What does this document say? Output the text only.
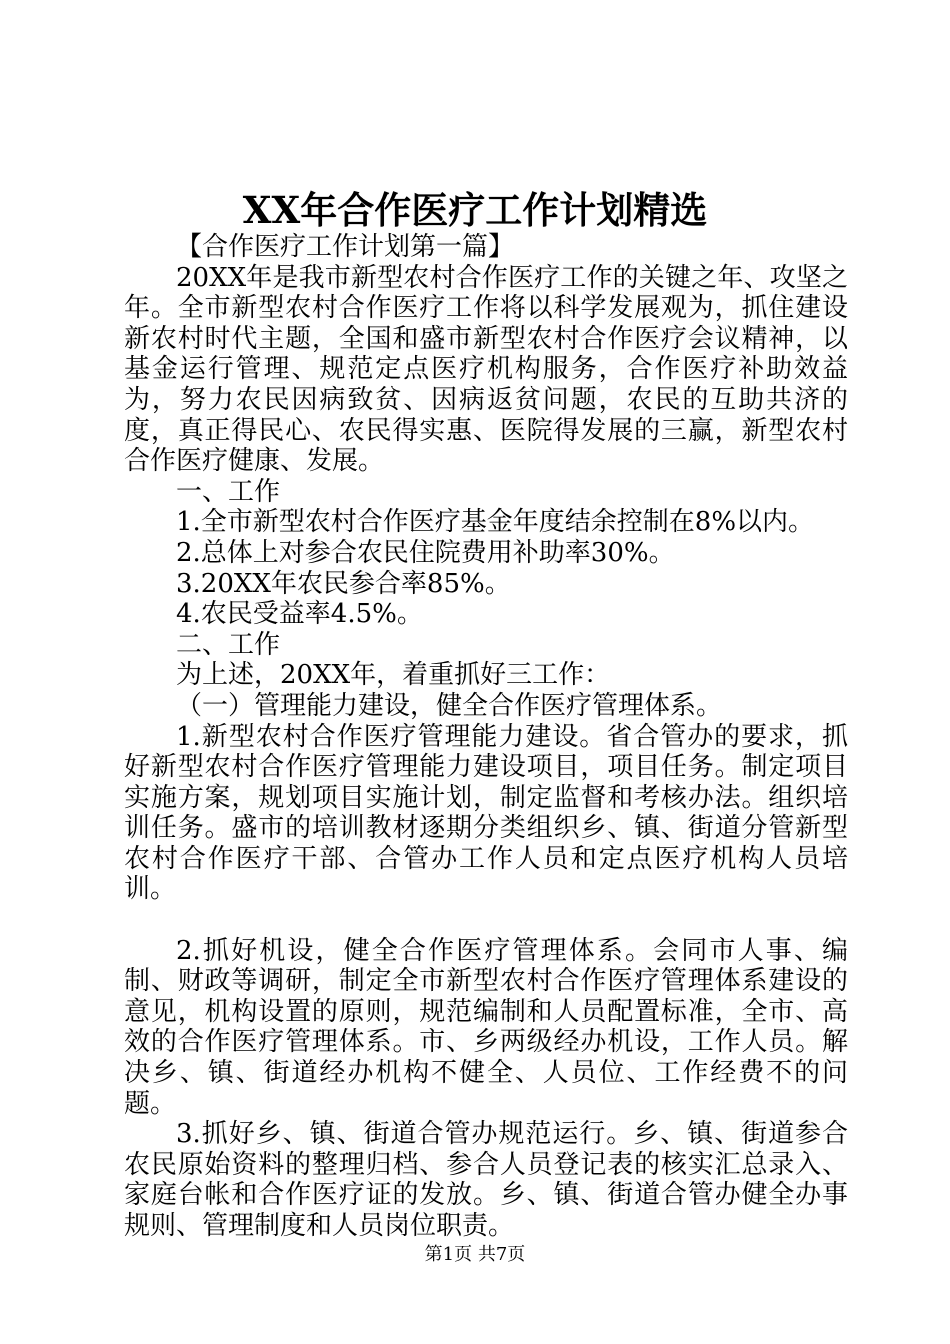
XX年合作医疗工作计划精选

【合作医疗工作计划第一篇】

20XX年是我市新型农村合作医疗工作的关键之年、攻坚之年。全市新型农村合作医疗工作将以科学发展观为，抓住建设新农村时代主题，全国和盛市新型农村合作医疗会议精神，以基金运行管理、规范定点医疗机构服务，合作医疗补助效益为，努力农民因病致贫、因病返贫问题，农民的互助共济的度，真正得民心、农民得实惠、医院得发展的三赢，新型农村合作医疗健康、发展。

一、工作

1.全市新型农村合作医疗基金年度结余控制在8%以内。

2.总体上对参合农民住院费用补助率30%。

3.20XX年农民参合率85%。

4.农民受益率4.5%。

二、工作

为上述，20XX年，着重抓好三工作：

（一）管理能力建设，健全合作医疗管理体系。

1.新型农村合作医疗管理能力建设。省合管办的要求，抓好新型农村合作医疗管理能力建设项目，项目任务。制定项目实施方案，规划项目实施计划，制定监督和考核办法。组织培训任务。盛市的培训教材逐期分类组织乡、镇、街道分管新型农村合作医疗干部、合管办工作人员和定点医疗机构人员培训。

2.抓好机设，健全合作医疗管理体系。会同市人事、编制、财政等调研，制定全市新型农村合作医疗管理体系建设的意见，机构设置的原则，规范编制和人员配置标准，全市、高效的合作医疗管理体系。市、乡两级经办机设，工作人员。解决乡、镇、街道经办机构不健全、人员位、工作经费不的问题。

3.抓好乡、镇、街道合管办规范运行。乡、镇、街道参合农民原始资料的整理归档、参合人员登记表的核实汇总录入、家庭台帐和合作医疗证的发放。乡、镇、街道合管办健全办事规则、管理制度和人员岗位职责。

第1页 共7页
